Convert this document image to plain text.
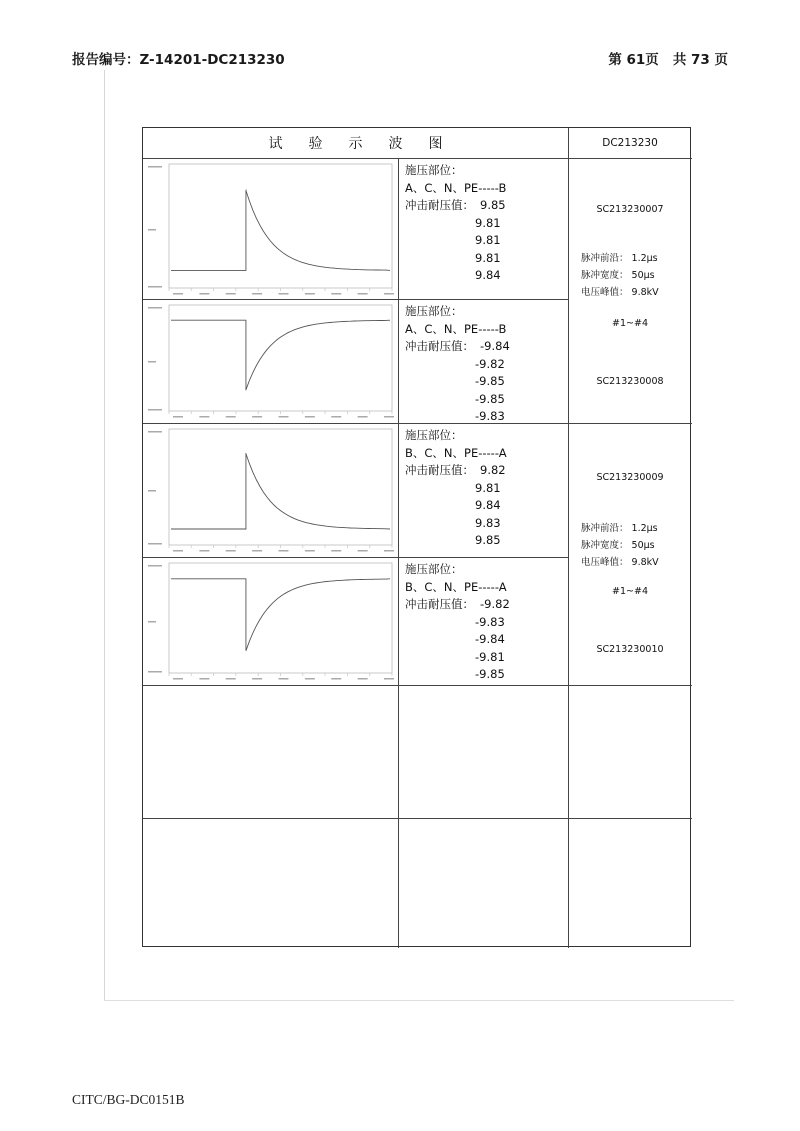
报告编号：Z-14201-DC213230	第 61页 共 73 页
试验示波图	DC213230
施压部位：
A、C、N、PE-----B
冲击耐压值： 9.85
9.81
9.81
9.81
9.84
施压部位：
A、C、N、PE-----B
冲击耐压值： -9.84
-9.82
-9.85
-9.85
-9.83
施压部位：
B、C、N、PE-----A
冲击耐压值： 9.82
9.81
9.84
9.83
9.85
施压部位：
B、C、N、PE-----A
冲击耐压值： -9.82
-9.83
-9.84
-9.81
-9.85
SC213230007
脉冲前沿： 1.2μs
脉冲宽度： 50μs
电压峰值： 9.8kV
#1~#4
SC213230008
SC213230009
脉冲前沿： 1.2μs
脉冲宽度： 50μs
电压峰值： 9.8kV
#1~#4
SC213230010
CITC/BG-DC0151B
